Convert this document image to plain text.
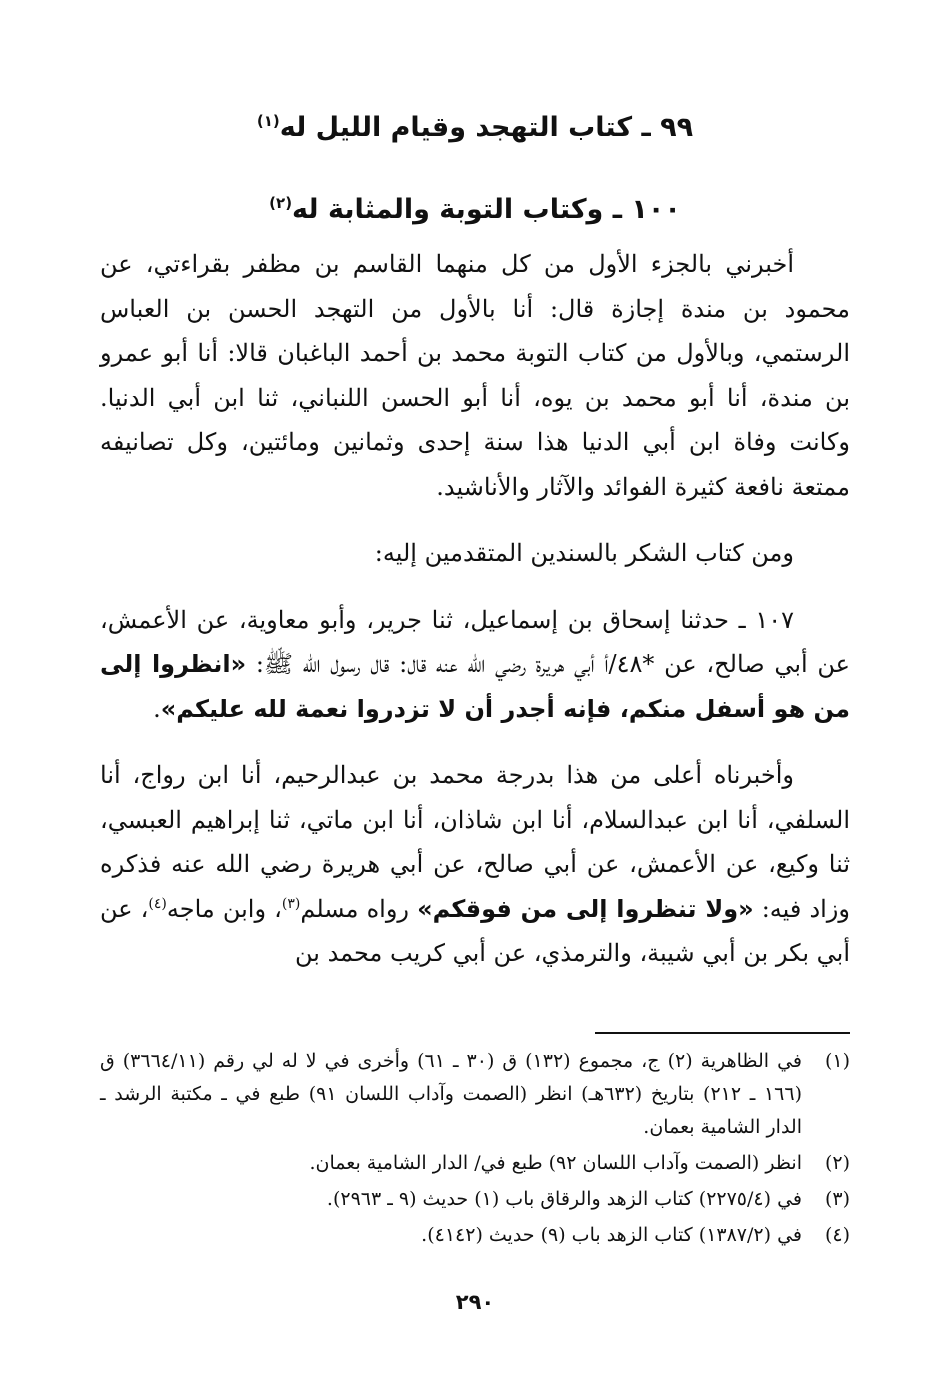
٩٩ ـ كتاب التهجد وقيام الليل له$^{(١)}$
١٠٠ ـ وكتاب التوبة والمثابة له$^{(٢)}$

أخبرني بالجزء الأول من كل منهما القاسم بن مظفر بقراءتي، عن محمود بن مندة إجازة قال: أنا بالأول من التهجد الحسن بن العباس الرستمي، وبالأول من كتاب التوبة محمد بن أحمد الباغبان قالا: أنا أبو عمرو بن مندة، أنا أبو محمد بن يوه، أنا أبو الحسن اللنباني، ثنا ابن أبي الدنيا. وكانت وفاة ابن أبي الدنيا هذا سنة إحدى وثمانين ومائتين، وكل تصانيفه ممتعة نافعة كثيرة الفوائد والآثار والأناشيد.

ومن كتاب الشكر بالسندين المتقدمين إليه:

١٠٧ ـ حدثنا إسحاق بن إسماعيل، ثنا جرير، وأبو معاوية، عن الأعمش، عن أبي صالح، عن *٤٨/أ أبي هريرة رضي الله عنه قال: قال رسول الله ﷺ: «انظروا إلى من هو أسفل منكم، فإنه أجدر أن لا تزدروا نعمة لله عليكم».

وأخبرناه أعلى من هذا بدرجة محمد بن عبدالرحيم، أنا ابن رواج، أنا السلفي، أنا ابن عبدالسلام، أنا ابن شاذان، أنا ابن ماتي، ثنا إبراهيم العبسي، ثنا وكيع، عن الأعمش، عن أبي صالح، عن أبي هريرة رضي الله عنه فذكره وزاد فيه: «ولا تنظروا إلى من فوقكم» رواه مسلم$^{(٣)}$، وابن ماجه$^{(٤)}$، عن أبي بكر بن أبي شيبة، والترمذي، عن أبي كريب محمد بن

(١)
في الظاهرية (٢) ج، مجموع (١٣٢) ق (٣٠ ـ ٦١) وأخرى في لا له لي رقم (٣٦٦٤/١١) ق (١٦٦ ـ ٢١٢) بتاريخ (٦٣٢هـ) انظر (الصمت وآداب اللسان ٩١) طبع في ـ مكتبة الرشد ـ الدار الشامية بعمان.
(٢)
انظر (الصمت وآداب اللسان ٩٢) طبع في/ الدار الشامية بعمان.
(٣)
في (٢٢٧٥/٤) كتاب الزهد والرقاق باب (١) حديث (٩ ـ ٢٩٦٣).
(٤)
في (١٣٨٧/٢) كتاب الزهد باب (٩) حديث (٤١٤٢).
٢٩٠
